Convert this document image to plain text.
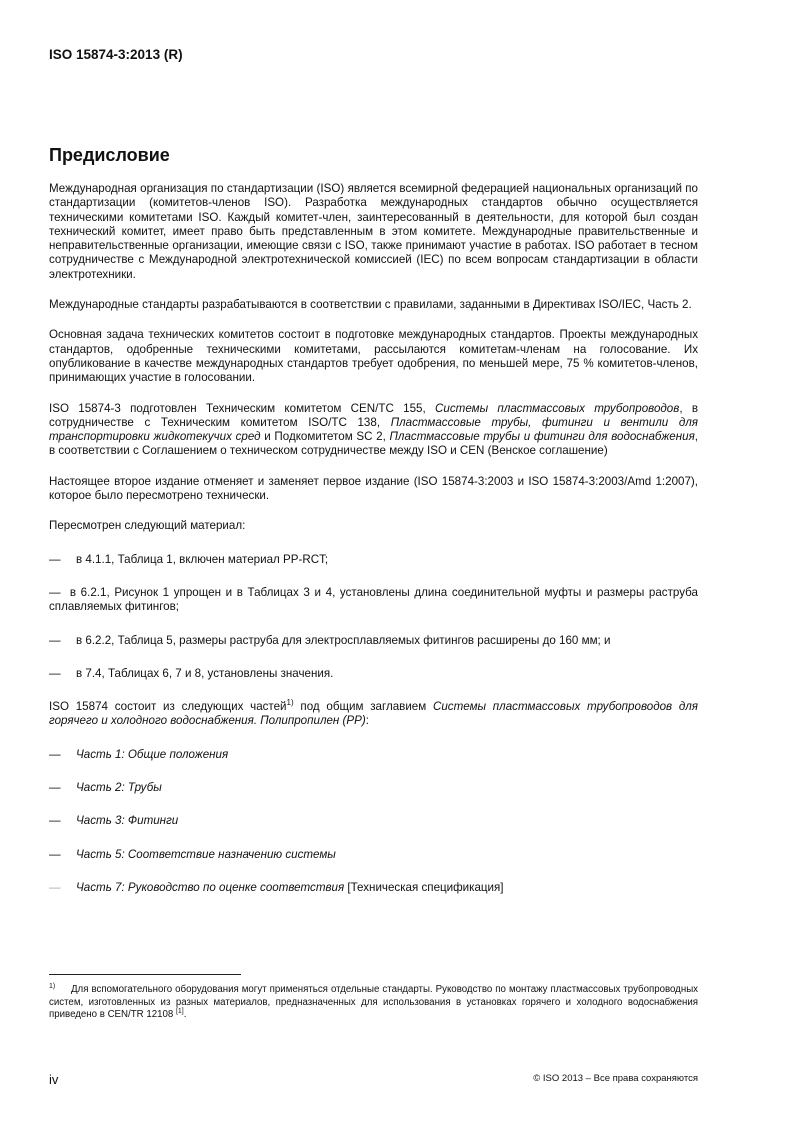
ISO 15874-3:2013 (R)
Предисловие

Международная организация по стандартизации (ISO) является всемирной федерацией национальных организаций по стандартизации (комитетов-членов ISO). Разработка международных стандартов обычно осуществляется техническими комитетами ISO. Каждый комитет-член, заинтересованный в деятельности, для которой был создан технический комитет, имеет право быть представленным в этом комитете. Международные правительственные и неправительственные организации, имеющие связи с ISO, также принимают участие в работах. ISO работает в тесном сотрудничестве с Международной электротехнической комиссией (IEC) по всем вопросам стандартизации в области электротехники.

Международные стандарты разрабатываются в соответствии с правилами, заданными в Директивах ISO/IEC, Часть 2.

Основная задача технических комитетов состоит в подготовке международных стандартов. Проекты международных стандартов, одобренные техническими комитетами, рассылаются комитетам-членам на голосование. Их опубликование в качестве международных стандартов требует одобрения, по меньшей мере, 75 % комитетов-членов, принимающих участие в голосовании.

ISO 15874-3 подготовлен Техническим комитетом CEN/TC 155, Системы пластмассовых трубопроводов, в сотрудничестве с Техническим комитетом ISO/TC 138, Пластмассовые трубы, фитинги и вентили для транспортировки жидкотекучих сред и Подкомитетом SC 2, Пластмассовые трубы и фитинги для водоснабжения, в соответствии с Соглашением о техническом сотрудничестве между ISO и CEN (Венское соглашение)

Настоящее второе издание отменяет и заменяет первое издание (ISO 15874-3:2003 и ISO 15874-3:2003/Amd 1:2007), которое было пересмотрено технически.

Пересмотрен следующий материал:

— в 4.1.1, Таблица 1, включен материал PP-RCT;

— в 6.2.1, Рисунок 1 упрощен и в Таблицах 3 и 4, установлены длина соединительной муфты и размеры раструба сплавляемых фитингов;

— в 6.2.2, Таблица 5, размеры раструба для электросплавляемых фитингов расширены до 160 мм; и

— в 7.4, Таблицах 6, 7 и 8, установлены значения.

ISO 15874 состоит из следующих частей$^{1)}$ под общим заглавием Системы пластмассовых трубопроводов для горячего и холодного водоснабжения. Полипропилен (PP):

— Часть 1: Общие положения

— Часть 2: Трубы

— Часть 3: Фитинги

— Часть 5: Соответствие назначению системы

— Часть 7: Руководство по оценке соответствия [Техническая спецификация]

$^{1)}$ Для вспомогательного оборудования могут применяться отдельные стандарты. Руководство по монтажу пластмассовых трубопроводных систем, изготовленных из разных материалов, предназначенных для использования в установках горячего и холодного водоснабжения приведено в CEN/TR 12108 [1].
iv	© ISO 2013 – Все права сохраняются
